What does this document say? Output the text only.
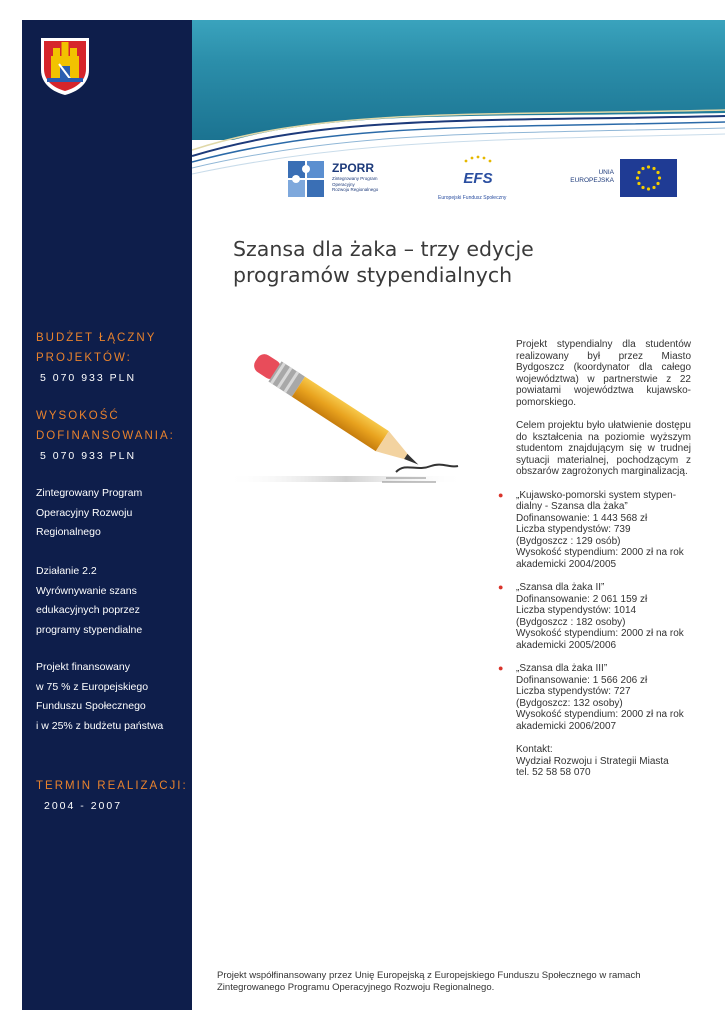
BUDŻET ŁĄCZNY
PROJEKTÓW:
5 070 933 PLN
WYSOKOŚĆ
DOFINANSOWANIA:
5 070 933 PLN
Zintegrowany Program
Operacyjny Rozwoju
Regionalnego
Działanie 2.2
Wyrównywanie szans
edukacyjnych poprzez
programy stypendialne
Projekt finansowany
w 75 % z Europejskiego
Funduszu Społecznego
i w 25% z budżetu państwa
TERMIN REALIZACJI:
2004 - 2007
ZPORR
Zintegrowany Program
Operacyjny
Rozwoju Regionalnego
EFS
Europejski Fundusz Społeczny
UNIA
EUROPEJSKA
Szansa dla żaka – trzy edycje programów stypendialnych

Projekt stypendialny dla studentów realizowany był przez Miasto Bydgoszcz (koordynator dla całego województwa) w partnerstwie z 22 powiatami województwa kujawsko-pomorskiego.

Celem projektu było ułatwienie dostępu do kształcenia na poziomie wyższym studentom znajdującym się w trudnej sytuacji materialnej, pochodzącym z obszarów zagrożonych marginalizacją.

● „Kujawsko-pomorski system stypen-
dialny - Szansa dla żaka”
Dofinansowanie: 1 443 568 zł
Liczba stypendystów: 739
(Bydgoszcz : 129 osób)
Wysokość stypendium: 2000 zł na rok
akademicki 2004/2005
● „Szansa dla żaka II”
Dofinansowanie: 2 061 159 zł
Liczba stypendystów: 1014
(Bydgoszcz : 182 osoby)
Wysokość stypendium: 2000 zł na rok
akademicki 2005/2006
● „Szansa dla żaka III”
Dofinansowanie: 1 566 206 zł
Liczba stypendystów: 727
(Bydgoszcz: 132 osoby)
Wysokość stypendium: 2000 zł na rok
akademicki 2006/2007
Kontakt:
Wydział Rozwoju i Strategii Miasta
tel. 52 58 58 070
Projekt współfinansowany przez Unię Europejską z Europejskiego Funduszu Społecznego w ramach
Zintegrowanego Programu Operacyjnego Rozwoju Regionalnego.
